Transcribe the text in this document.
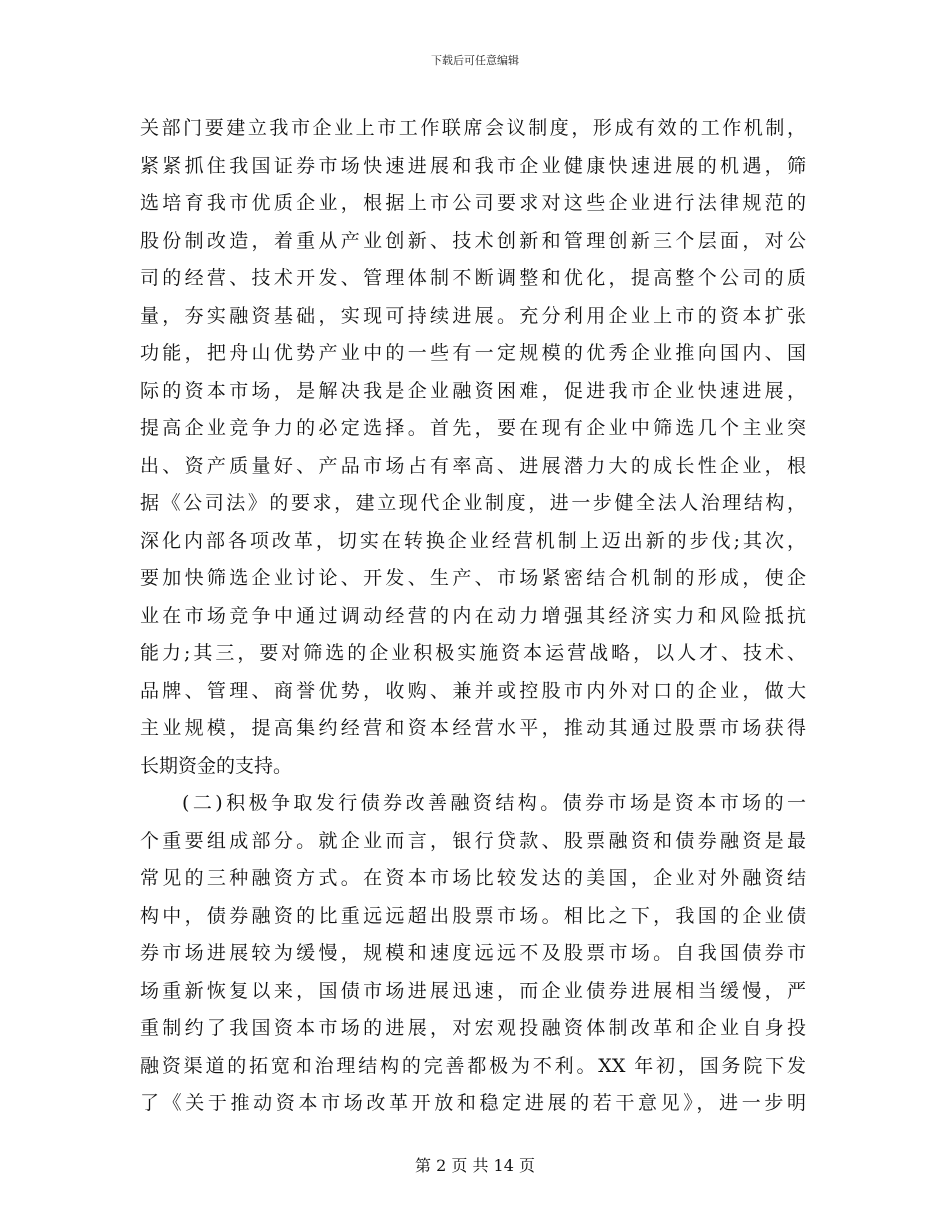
下载后可任意编辑
关部门要建立我市企业上市工作联席会议制度，形成有效的工作机制，
紧紧抓住我国证券市场快速进展和我市企业健康快速进展的机遇，筛
选培育我市优质企业，根据上市公司要求对这些企业进行法律规范的
股份制改造，着重从产业创新、技术创新和管理创新三个层面，对公
司的经营、技术开发、管理体制不断调整和优化，提高整个公司的质
量，夯实融资基础，实现可持续进展。充分利用企业上市的资本扩张
功能，把舟山优势产业中的一些有一定规模的优秀企业推向国内、国
际的资本市场，是解决我是企业融资困难，促进我市企业快速进展，
提高企业竞争力的必定选择。首先，要在现有企业中筛选几个主业突
出、资产质量好、产品市场占有率高、进展潜力大的成长性企业，根
据《公司法》的要求，建立现代企业制度，进一步健全法人治理结构，
深化内部各项改革，切实在转换企业经营机制上迈出新的步伐;其次，
要加快筛选企业讨论、开发、生产、市场紧密结合机制的形成，使企
业在市场竞争中通过调动经营的内在动力增强其经济实力和风险抵抗
能力;其三，要对筛选的企业积极实施资本运营战略，以人才、技术、
品牌、管理、商誉优势，收购、兼并或控股市内外对口的企业，做大
主业规模，提高集约经营和资本经营水平，推动其通过股票市场获得
长期资金的支持。
(二)积极争取发行债券改善融资结构。债券市场是资本市场的一
个重要组成部分。就企业而言，银行贷款、股票融资和债券融资是最
常见的三种融资方式。在资本市场比较发达的美国，企业对外融资结
构中，债券融资的比重远远超出股票市场。相比之下，我国的企业债
券市场进展较为缓慢，规模和速度远远不及股票市场。自我国债券市
场重新恢复以来，国债市场进展迅速，而企业债券进展相当缓慢，严
重制约了我国资本市场的进展，对宏观投融资体制改革和企业自身投
融资渠道的拓宽和治理结构的完善都极为不利。XX 年初，国务院下发
了《关于推动资本市场改革开放和稳定进展的若干意见》，进一步明
第 2 页 共 14 页
